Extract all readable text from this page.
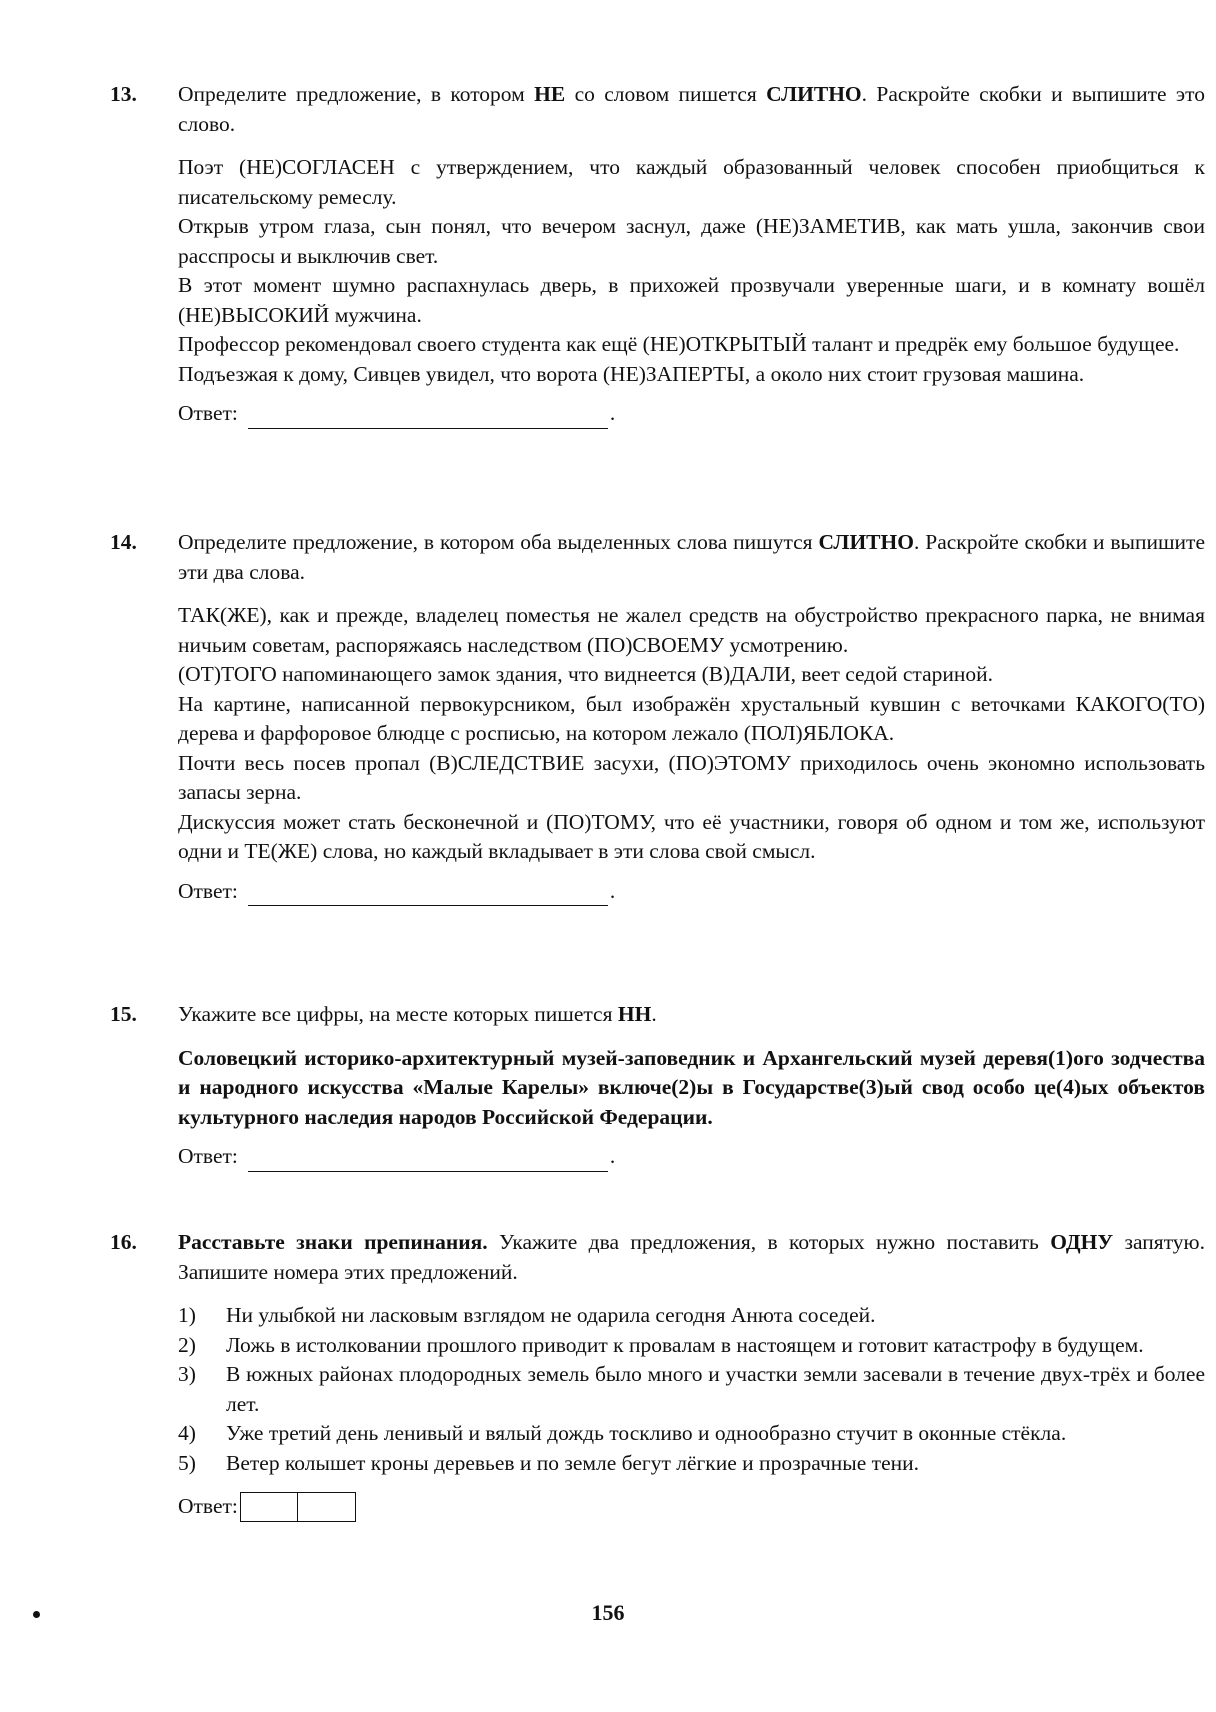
13.	Определите предложение, в котором НЕ со словом пишется СЛИТНО. Раскройте скобки и выпишите это слово.

Поэт (НЕ)СОГЛАСЕН с утверждением, что каждый образованный человек способен приобщиться к писательскому ремеслу.

Открыв утром глаза, сын понял, что вечером заснул, даже (НЕ)ЗАМЕТИВ, как мать ушла, закончив свои расспросы и выключив свет.

В этот момент шумно распахнулась дверь, в прихожей прозвучали уверенные шаги, и в комнату вошёл (НЕ)ВЫСОКИЙ мужчина.

Профессор рекомендовал своего студента как ещё (НЕ)ОТКРЫТЫЙ талант и предрёк ему большое будущее.

Подъезжая к дому, Сивцев увидел, что ворота (НЕ)ЗАПЕРТЫ, а около них стоит грузовая машина.

Ответ:	.
14.	Определите предложение, в котором оба выделенных слова пишутся СЛИТНО. Раскройте скобки и выпишите эти два слова.

ТАК(ЖЕ), как и прежде, владелец поместья не жалел средств на обустройство прекрасного парка, не внимая ничьим советам, распоряжаясь наследством (ПО)СВОЕМУ усмотрению.

(ОТ)ТОГО напоминающего замок здания, что виднеется (В)ДАЛИ, веет седой стариной.

На картине, написанной первокурсником, был изображён хрустальный кувшин с веточками КАКОГО(ТО) дерева и фарфоровое блюдце с росписью, на котором лежало (ПОЛ)ЯБЛОКА.

Почти весь посев пропал (В)СЛЕДСТВИЕ засухи, (ПО)ЭТОМУ приходилось очень экономно использовать запасы зерна.

Дискуссия может стать бесконечной и (ПО)ТОМУ, что её участники, говоря об одном и том же, используют одни и ТЕ(ЖЕ) слова, но каждый вкладывает в эти слова свой смысл.

Ответ:	.
15.	Укажите все цифры, на месте которых пишется НН.

Соловецкий историко-архитектурный музей-заповедник и Архангельский музей деревя(1)ого зодчества и народного искусства «Малые Карелы» включе(2)ы в Государстве(3)ый свод особо це(4)ых объектов культурного наследия народов Российской Федерации.

Ответ:	.
16.	Расставьте знаки препинания. Укажите два предложения, в которых нужно поставить ОДНУ запятую. Запишите номера этих предложений.
1) Ни улыбкой ни ласковым взглядом не одарила сегодня Анюта соседей.
2) Ложь в истолковании прошлого приводит к провалам в настоящем и готовит катастрофу в будущем.
3) В южных районах плодородных земель было много и участки земли засевали в течение двух-трёх и более лет.
4) Уже третий день ленивый и вялый дождь тоскливо и однообразно стучит в оконные стёкла.
5) Ветер колышет кроны деревьев и по земле бегут лёгкие и прозрачные тени.
Ответ:
156
